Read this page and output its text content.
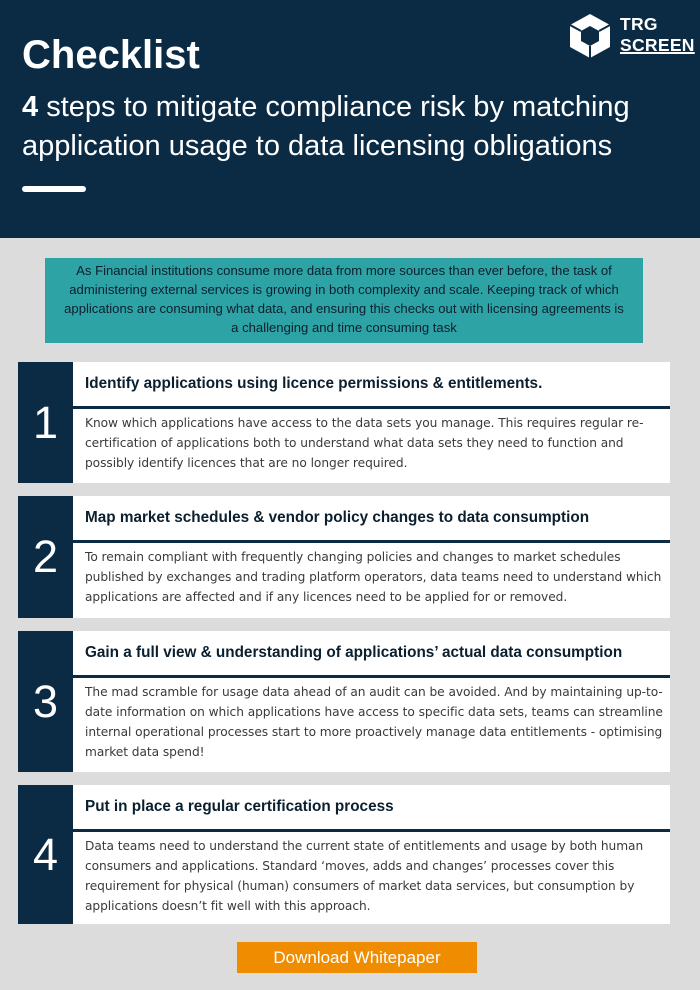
Checklist
4 steps to mitigate compliance risk by matching application usage to data licensing obligations
TRG
SCREEN
As Financial institutions consume more data from more sources than ever before, the task of administering external services is growing in both complexity and scale. Keeping track of which applications are consuming what data, and ensuring this checks out with licensing agreements is a challenging and time consuming task
1
Identify applications using licence permissions & entitlements.
Know which applications have access to the data sets you manage. This requires regular re-certification of applications both to understand what data sets they need to function and possibly identify licences that are no longer required.
2
Map market schedules & vendor policy changes to data consumption
To remain compliant with frequently changing policies and changes to market schedules published by exchanges and trading platform operators, data teams need to understand which applications are affected and if any licences need to be applied for or removed.
3
Gain a full view & understanding of applications’ actual data consumption
The mad scramble for usage data ahead of an audit can be avoided. And by maintaining up-to-date information on which applications have access to specific data sets, teams can streamline internal operational processes start to more proactively manage data entitlements - optimising market data spend!
4
Put in place a regular certification process
Data teams need to understand the current state of entitlements and usage by both human consumers and applications. Standard ‘moves, adds and changes’ processes cover this requirement for physical (human) consumers of market data services, but consumption by applications doesn’t fit well with this approach.
Download Whitepaper
